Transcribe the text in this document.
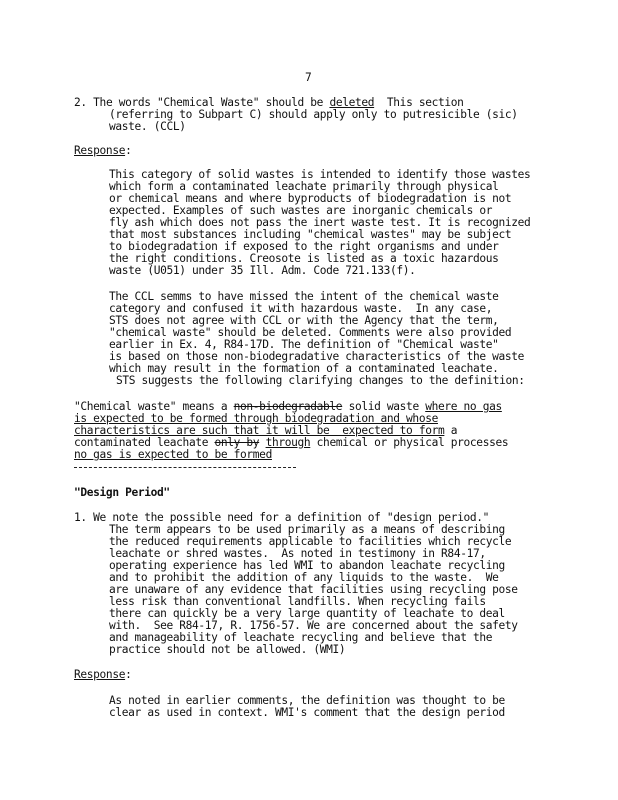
7
2. The words "Chemical Waste" should be deleted  This section
(referring to Subpart C) should apply only to putresicible (sic)
waste. (CCL)
Response:
This category of solid wastes is intended to identify those wastes
which form a contaminated leachate primarily through physical
or chemical means and where byproducts of biodegradation is not
expected. Examples of such wastes are inorganic chemicals or
fly ash which does not pass the inert waste test. It is recognized
that most substances including "chemical wastes" may be subject
to biodegradation if exposed to the right organisms and under
the right conditions. Creosote is listed as a toxic hazardous
waste (U051) under 35 Ill. Adm. Code 721.133(f).
The CCL semms to have missed the intent of the chemical waste
category and confused it with hazardous waste.  In any case,
STS does not agree with CCL or with the Agency that the term,
"chemical waste" should be deleted. Comments were also provided
earlier in Ex. 4, R84-17D. The definition of "Chemical waste"
is based on those non-biodegradative characteristics of the waste
which may result in the formation of a contaminated leachate.
STS suggests the following clarifying changes to the definition:
"Chemical waste" means a non-biodegradable solid waste where no gas
is expected to be formed through biodegradation and whose
characteristics are such that it will be  expected to form a
contaminated leachate only by through chemical or physical processes
no gas is expected to be formed
"Design Period"
1. We note the possible need for a definition of "design period."
The term appears to be used primarily as a means of describing
the reduced requirements applicable to facilities which recycle
leachate or shred wastes.  As noted in testimony in R84-17,
operating experience has led WMI to abandon leachate recycling
and to prohibit the addition of any liquids to the waste.  We
are unaware of any evidence that facilities using recycling pose
less risk than conventional landfills. When recycling fails
there can quickly be a very large quantity of leachate to deal
with.  See R84-17, R. 1756-57. We are concerned about the safety
and manageability of leachate recycling and believe that the
practice should not be allowed. (WMI)
Response:
As noted in earlier comments, the definition was thought to be
clear as used in context. WMI's comment that the design period
